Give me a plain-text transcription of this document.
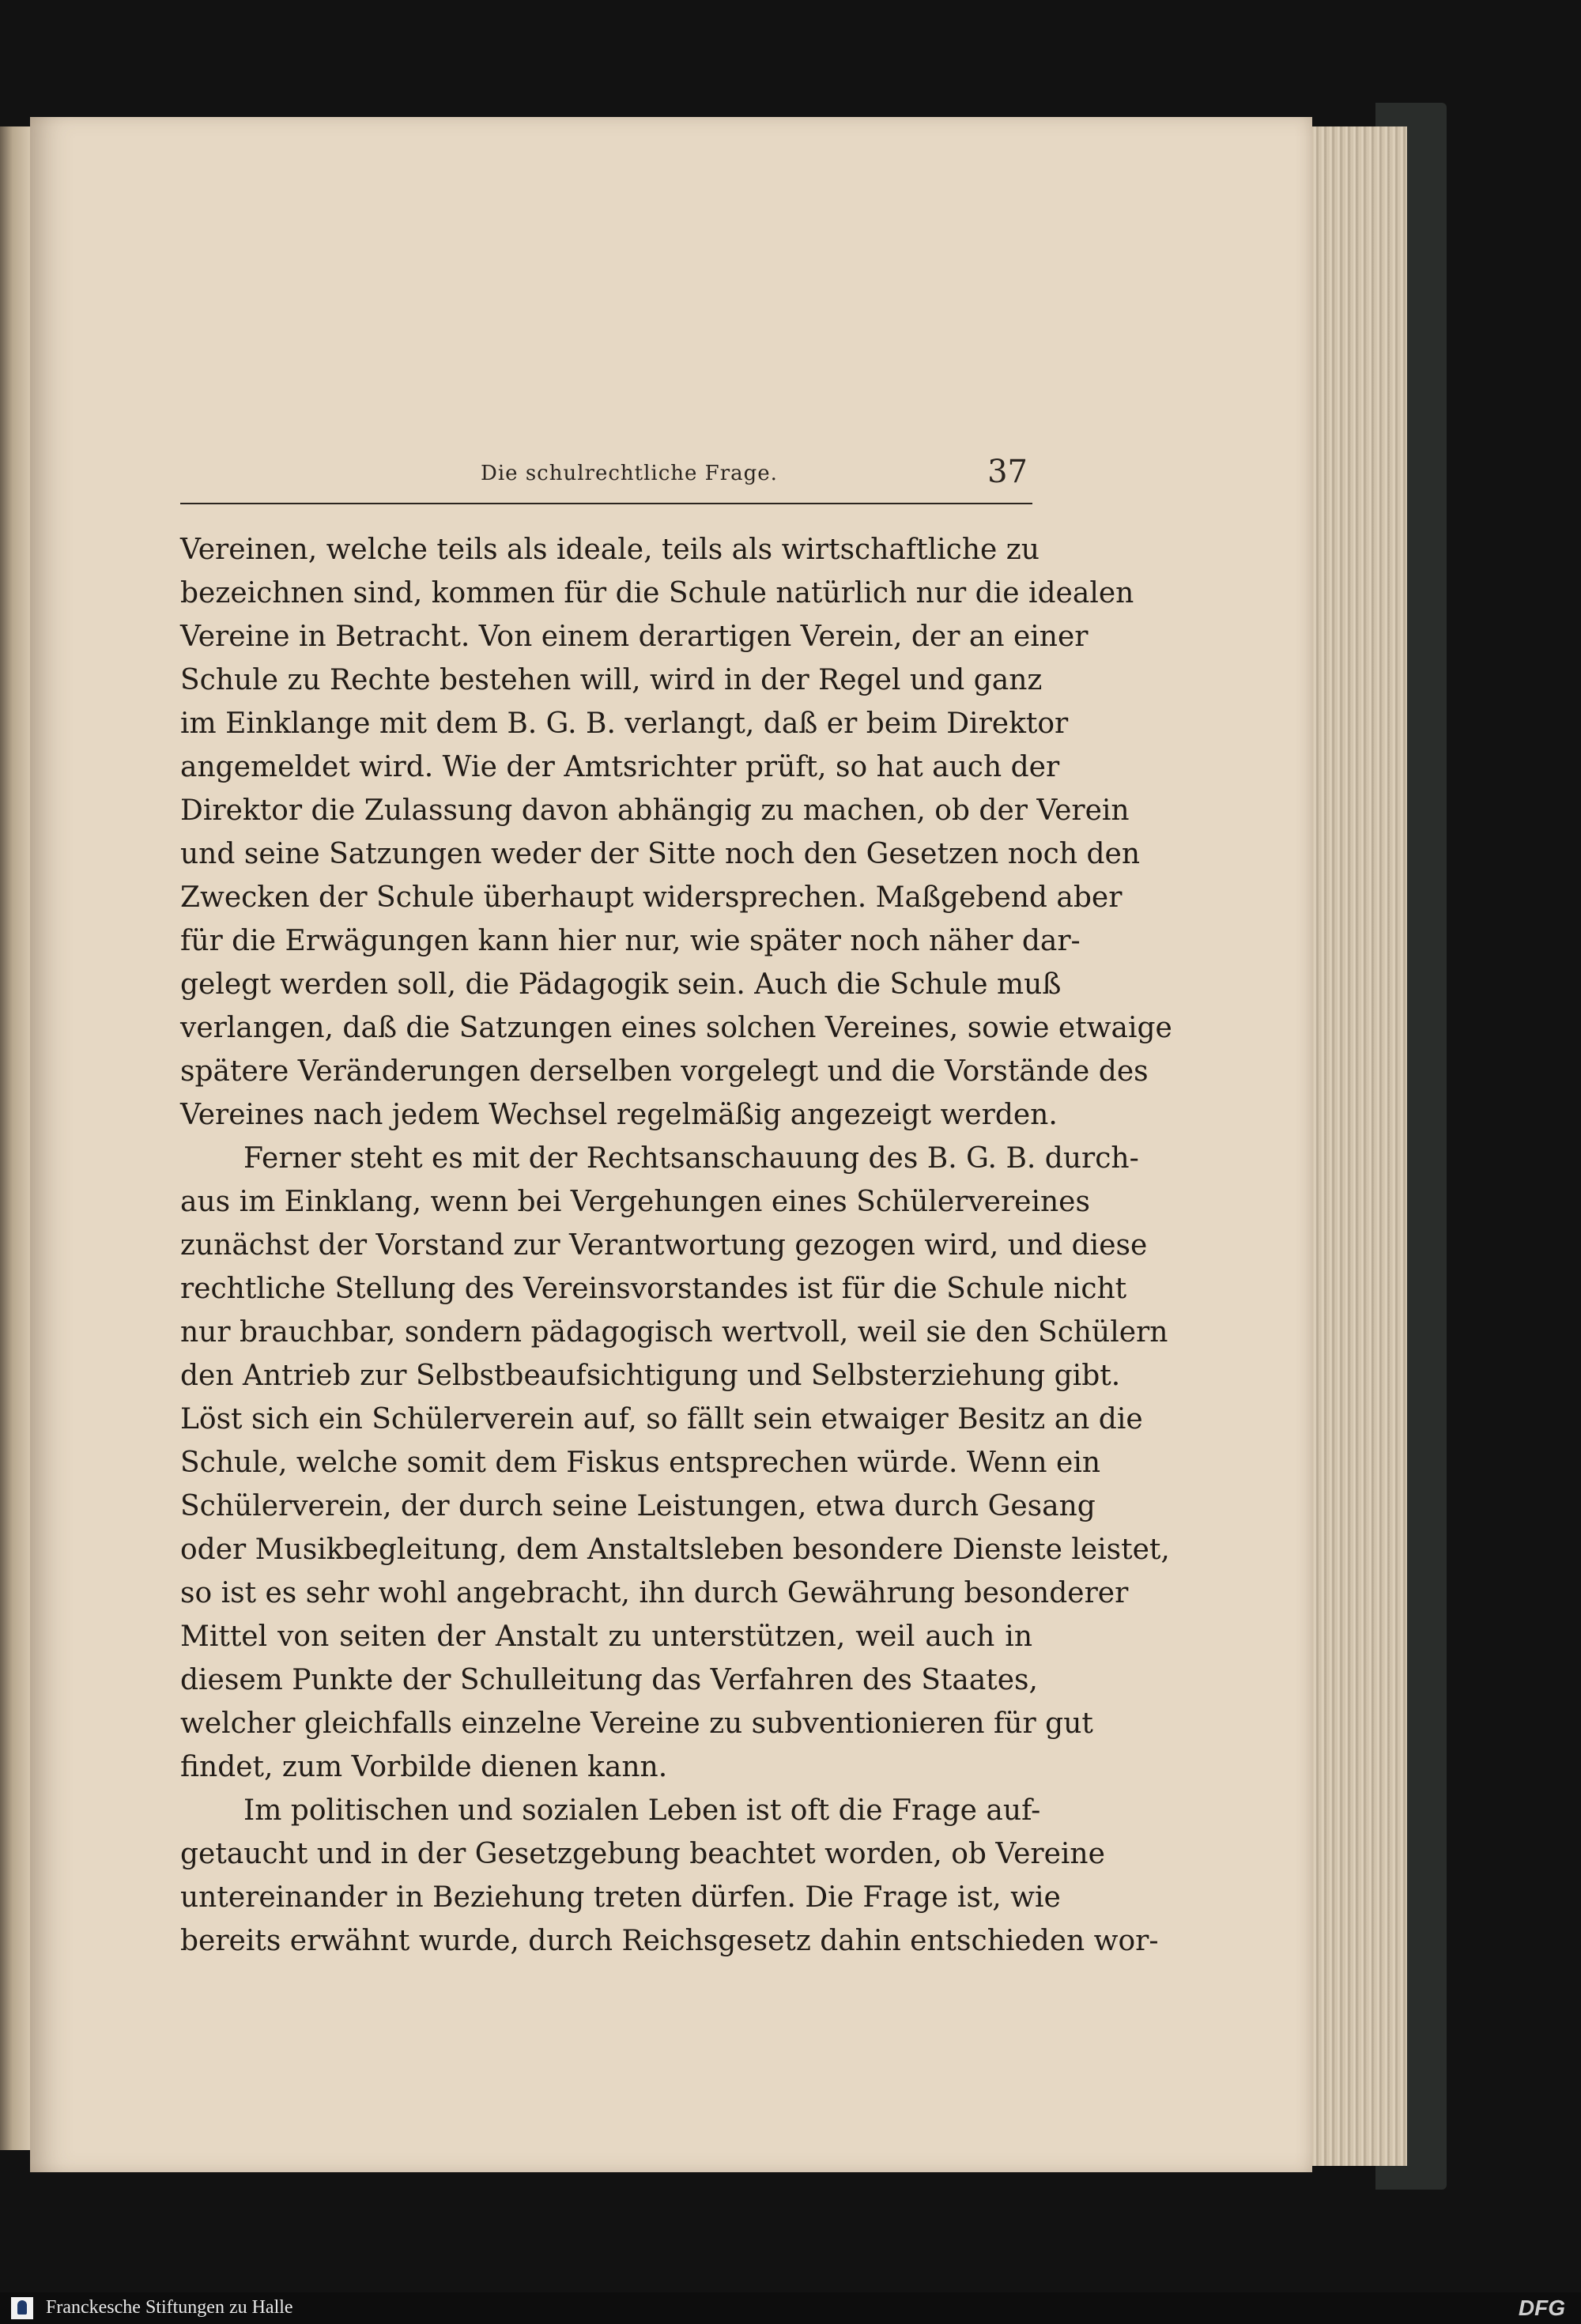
Die schulrechtliche Frage.	37
Vereinen, welche teils als ideale, teils als wirtschaftliche zu
bezeichnen sind, kommen für die Schule natürlich nur die idealen
Vereine in Betracht. Von einem derartigen Verein, der an einer
Schule zu Rechte bestehen will, wird in der Regel und ganz
im Einklange mit dem B. G. B. verlangt, daß er beim Direktor
angemeldet wird. Wie der Amtsrichter prüft, so hat auch der
Direktor die Zulassung davon abhängig zu machen, ob der Verein
und seine Satzungen weder der Sitte noch den Gesetzen noch den
Zwecken der Schule überhaupt widersprechen. Maßgebend aber
für die Erwägungen kann hier nur, wie später noch näher dar-
gelegt werden soll, die Pädagogik sein. Auch die Schule muß
verlangen, daß die Satzungen eines solchen Vereines, sowie etwaige
spätere Veränderungen derselben vorgelegt und die Vorstände des
Vereines nach jedem Wechsel regelmäßig angezeigt werden.
Ferner steht es mit der Rechtsanschauung des B. G. B. durch-
aus im Einklang, wenn bei Vergehungen eines Schülervereines
zunächst der Vorstand zur Verantwortung gezogen wird, und diese
rechtliche Stellung des Vereinsvorstandes ist für die Schule nicht
nur brauchbar, sondern pädagogisch wertvoll, weil sie den Schülern
den Antrieb zur Selbstbeaufsichtigung und Selbsterziehung gibt.
Löst sich ein Schülerverein auf, so fällt sein etwaiger Besitz an die
Schule, welche somit dem Fiskus entsprechen würde. Wenn ein
Schülerverein, der durch seine Leistungen, etwa durch Gesang
oder Musikbegleitung, dem Anstaltsleben besondere Dienste leistet,
so ist es sehr wohl angebracht, ihn durch Gewährung besonderer
Mittel von seiten der Anstalt zu unterstützen, weil auch in
diesem Punkte der Schulleitung das Verfahren des Staates,
welcher gleichfalls einzelne Vereine zu subventionieren für gut
findet, zum Vorbilde dienen kann.
Im politischen und sozialen Leben ist oft die Frage auf-
getaucht und in der Gesetzgebung beachtet worden, ob Vereine
untereinander in Beziehung treten dürfen. Die Frage ist, wie
bereits erwähnt wurde, durch Reichsgesetz dahin entschieden wor-
Franckesche Stiftungen zu Halle	DFG
